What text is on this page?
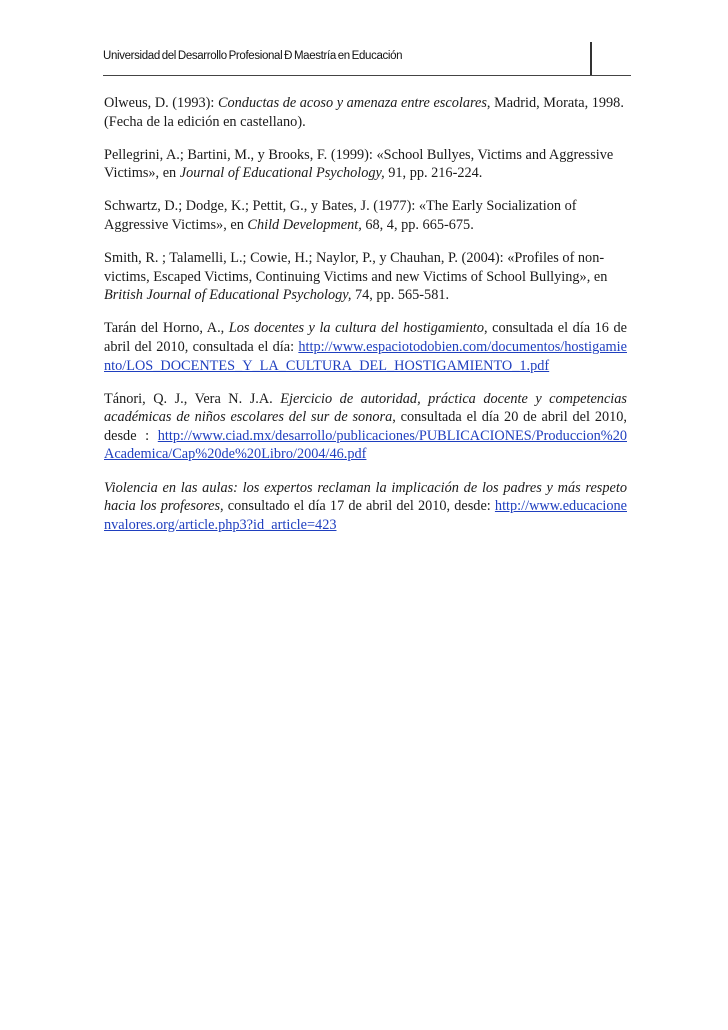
Universidad del Desarrollo Profesional Ð Maestría en Educación

Olweus, D. (1993): Conductas de acoso y amenaza entre escolares, Madrid, Morata, 1998. (Fecha de la edición en castellano).

Pellegrini, A.; Bartini, M., y Brooks, F. (1999): «School Bullyes, Victims and Aggressive Victims», en Journal of Educational Psychology, 91, pp. 216-224.

Schwartz, D.; Dodge, K.; Pettit, G., y Bates, J. (1977): «The Early Socialization of Aggressive Victims», en Child Development, 68, 4, pp. 665-675.

Smith, R. ; Talamelli, L.; Cowie, H.; Naylor, P., y Chauhan, P. (2004): «Profiles of non-victims, Escaped Victims, Continuing Victims and new Victims of School Bullying», en British Journal of Educational Psychology, 74, pp. 565-581.

Tarán del Horno, A., Los docentes y la cultura del hostigamiento, consultada el día 16 de abril del 2010, consultada el día: http://www.espaciotodobien.com/documentos/hostigamiento/LOS_DOCENTES_Y_LA_CULTURA_DEL_HOSTIGAMIENTO_1.pdf

Tánori, Q. J., Vera N. J.A. Ejercicio de autoridad, práctica docente y competencias académicas de niños escolares del sur de sonora, consultada el día 20 de abril del 2010, desde : http://www.ciad.mx/desarrollo/publicaciones/PUBLICACIONES/Produccion%20Academica/Cap%20de%20Libro/2004/46.pdf

Violencia en las aulas: los expertos reclaman la implicación de los padres y más respeto hacia los profesores, consultado el día 17 de abril del 2010, desde: http://www.educacionenvalores.org/article.php3?id_article=423
